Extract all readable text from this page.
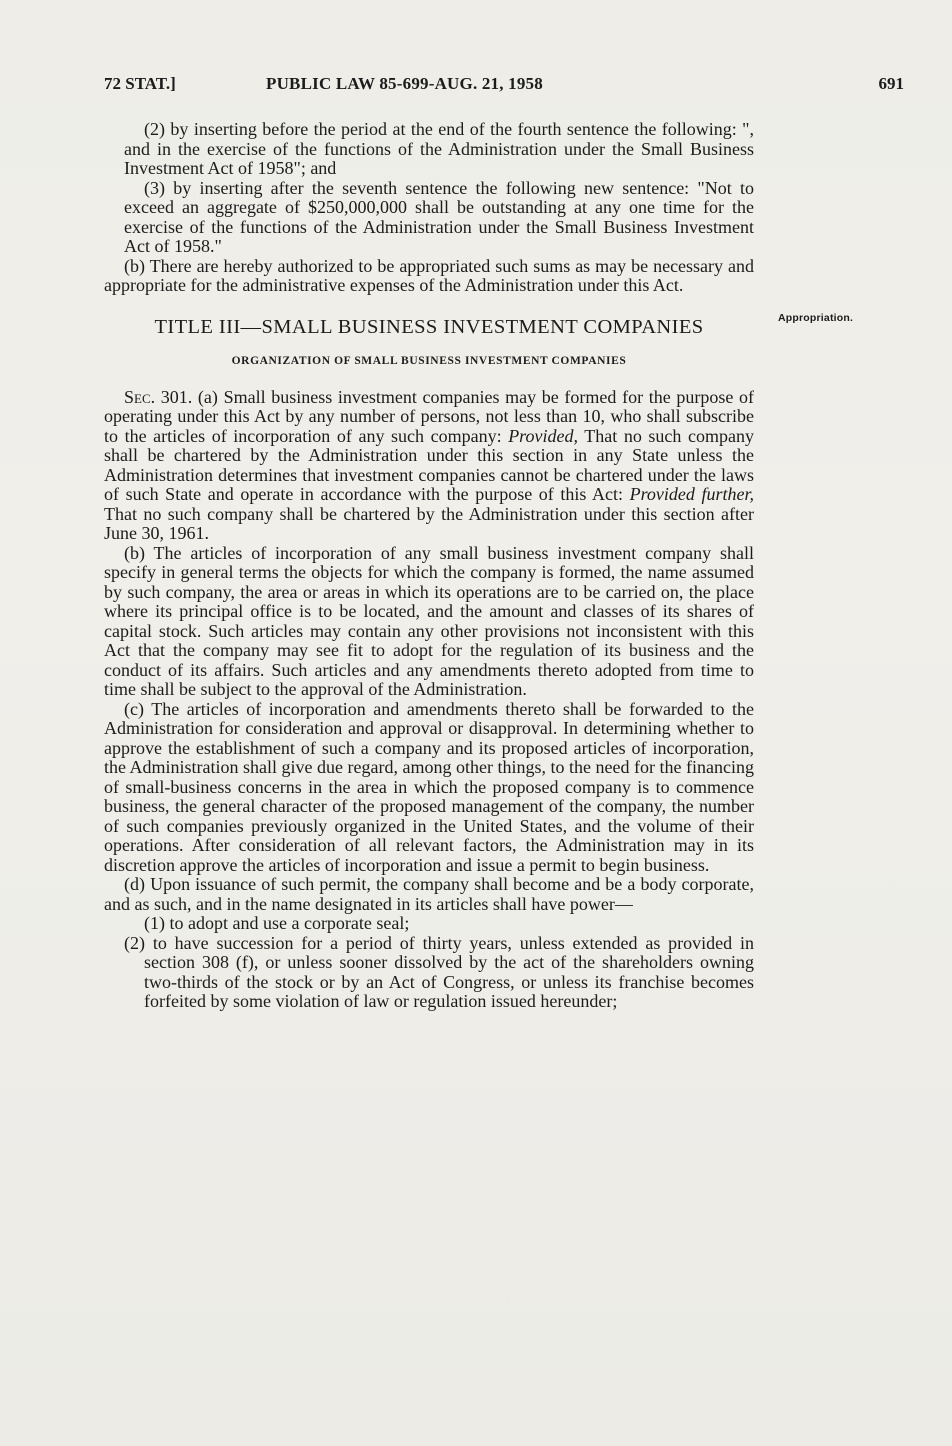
72 STAT.]	PUBLIC LAW 85-699-AUG. 21, 1958	691
Appropriation.

(2) by inserting before the period at the end of the fourth sentence the following: ", and in the exercise of the functions of the Administration under the Small Business Investment Act of 1958"; and

(3) by inserting after the seventh sentence the following new sentence: "Not to exceed an aggregate of $250,000,000 shall be outstanding at any one time for the exercise of the functions of the Administration under the Small Business Investment Act of 1958."

(b) There are hereby authorized to be appropriated such sums as may be necessary and appropriate for the administrative expenses of the Administration under this Act.

TITLE III—SMALL BUSINESS INVESTMENT COMPANIES

ORGANIZATION OF SMALL BUSINESS INVESTMENT COMPANIES

Sec. 301. (a) Small business investment companies may be formed for the purpose of operating under this Act by any number of persons, not less than 10, who shall subscribe to the articles of incorporation of any such company: Provided, That no such company shall be chartered by the Administration under this section in any State unless the Administration determines that investment companies cannot be chartered under the laws of such State and operate in accordance with the purpose of this Act: Provided further, That no such company shall be chartered by the Administration under this section after June 30, 1961.

(b) The articles of incorporation of any small business investment company shall specify in general terms the objects for which the company is formed, the name assumed by such company, the area or areas in which its operations are to be carried on, the place where its principal office is to be located, and the amount and classes of its shares of capital stock. Such articles may contain any other provisions not inconsistent with this Act that the company may see fit to adopt for the regulation of its business and the conduct of its affairs. Such articles and any amendments thereto adopted from time to time shall be subject to the approval of the Administration.

(c) The articles of incorporation and amendments thereto shall be forwarded to the Administration for consideration and approval or disapproval. In determining whether to approve the establishment of such a company and its proposed articles of incorporation, the Administration shall give due regard, among other things, to the need for the financing of small-business concerns in the area in which the proposed company is to commence business, the general character of the proposed management of the company, the number of such companies previously organized in the United States, and the volume of their operations. After consideration of all relevant factors, the Administration may in its discretion approve the articles of incorporation and issue a permit to begin business.

(d) Upon issuance of such permit, the company shall become and be a body corporate, and as such, and in the name designated in its articles shall have power—

(1) to adopt and use a corporate seal;

(2) to have succession for a period of thirty years, unless extended as provided in section 308 (f), or unless sooner dissolved by the act of the shareholders owning two-thirds of the stock or by an Act of Congress, or unless its franchise becomes forfeited by some violation of law or regulation issued hereunder;
